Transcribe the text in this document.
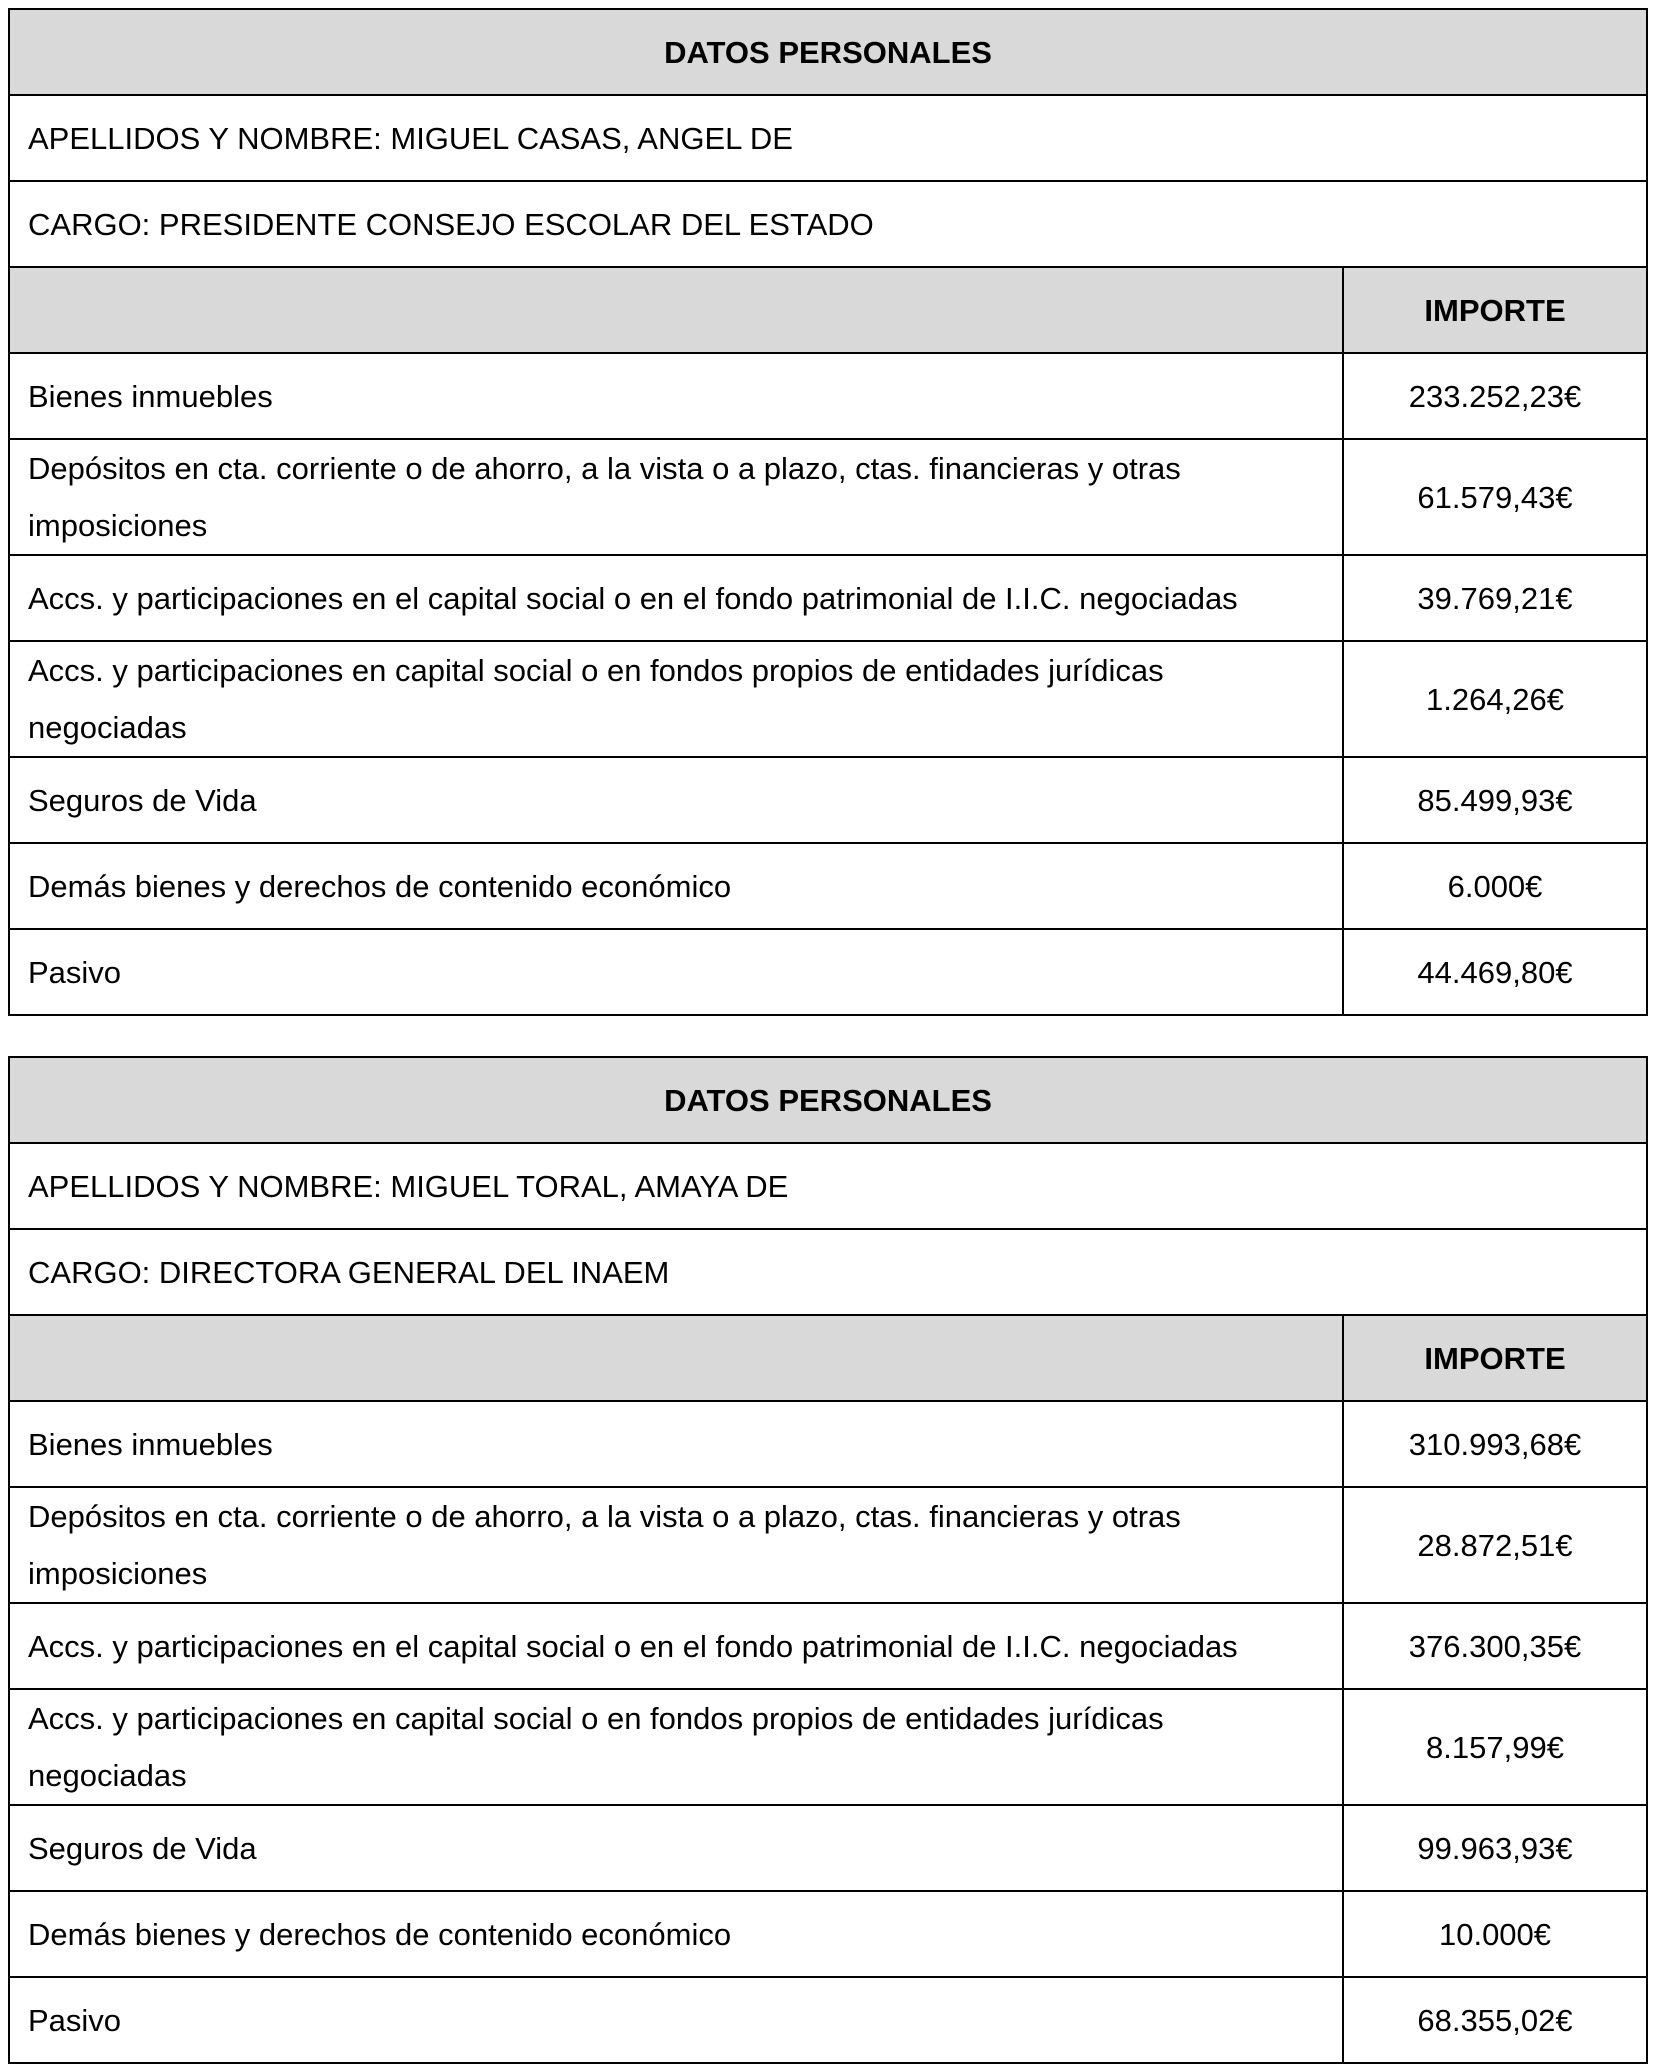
DATOS PERSONALES	
APELLIDOS Y NOMBRE: MIGUEL CASAS, ANGEL DE	
CARGO: PRESIDENTE CONSEJO ESCOLAR DEL ESTADO	
	IMPORTE
Bienes inmuebles	233.252,23€
Depósitos en cta. corriente o de ahorro, a la vista o a plazo, ctas. financieras y otras imposiciones	61.579,43€
Accs. y participaciones en el capital social o en el fondo patrimonial de I.I.C. negociadas	39.769,21€
Accs. y participaciones en capital social o en fondos propios de entidades jurídicas negociadas	1.264,26€
Seguros de Vida	85.499,93€
Demás bienes y derechos de contenido económico	6.000€
Pasivo	44.469,80€
DATOS PERSONALES	
APELLIDOS Y NOMBRE: MIGUEL TORAL, AMAYA DE	
CARGO: DIRECTORA GENERAL DEL INAEM	
	IMPORTE
Bienes inmuebles	310.993,68€
Depósitos en cta. corriente o de ahorro, a la vista o a plazo, ctas. financieras y otras imposiciones	28.872,51€
Accs. y participaciones en el capital social o en el fondo patrimonial de I.I.C. negociadas	376.300,35€
Accs. y participaciones en capital social o en fondos propios de entidades jurídicas negociadas	8.157,99€
Seguros de Vida	99.963,93€
Demás bienes y derechos de contenido económico	10.000€
Pasivo	68.355,02€
